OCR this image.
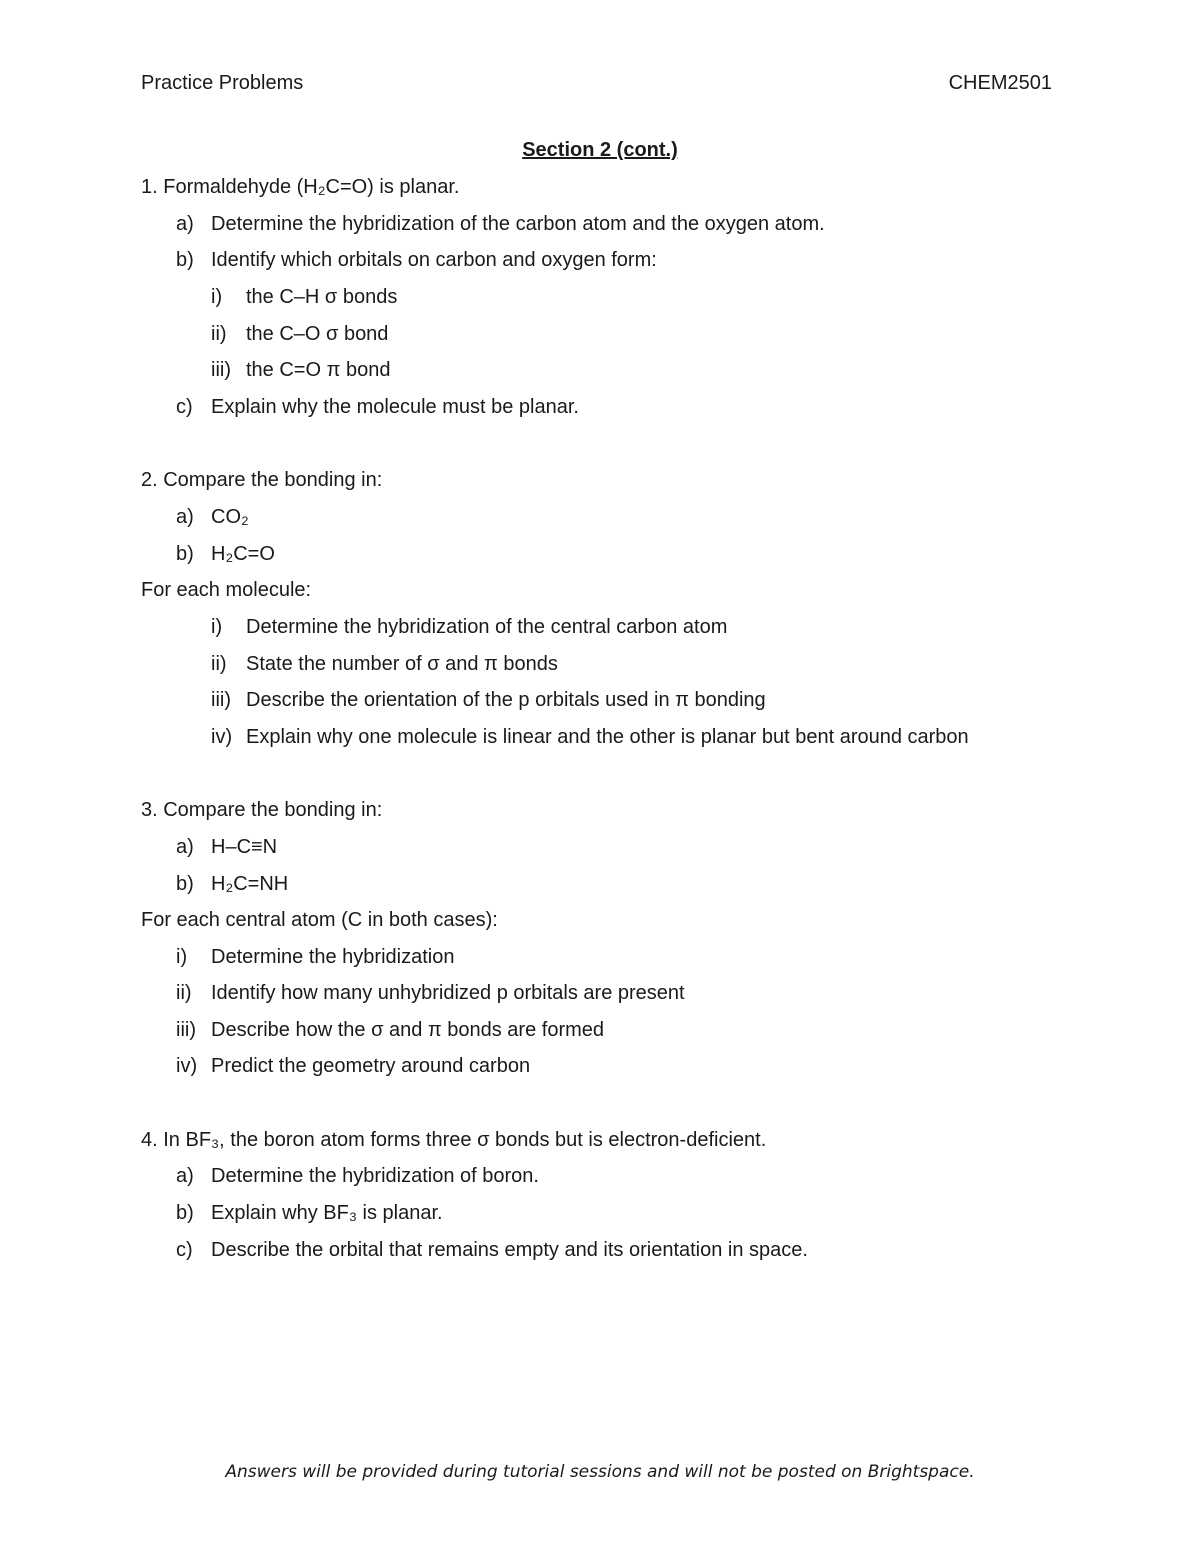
Practice Problems	CHEM2501
Section 2 (cont.)
1. Formaldehyde (H₂C=O) is planar.
a) Determine the hybridization of the carbon atom and the oxygen atom.
b) Identify which orbitals on carbon and oxygen form:
i) the C–H σ bonds
ii) the C–O σ bond
iii) the C=O π bond
c) Explain why the molecule must be planar.
2. Compare the bonding in:
a) CO₂
b) H₂C=O
For each molecule:
i) Determine the hybridization of the central carbon atom
ii) State the number of σ and π bonds
iii) Describe the orientation of the p orbitals used in π bonding
iv) Explain why one molecule is linear and the other is planar but bent around carbon
3. Compare the bonding in:
a) H–C≡N
b) H₂C=NH
For each central atom (C in both cases):
i) Determine the hybridization
ii) Identify how many unhybridized p orbitals are present
iii) Describe how the σ and π bonds are formed
iv) Predict the geometry around carbon
4. In BF₃, the boron atom forms three σ bonds but is electron-deficient.
a) Determine the hybridization of boron.
b) Explain why BF₃ is planar.
c) Describe the orbital that remains empty and its orientation in space.
Answers will be provided during tutorial sessions and will not be posted on Brightspace.
